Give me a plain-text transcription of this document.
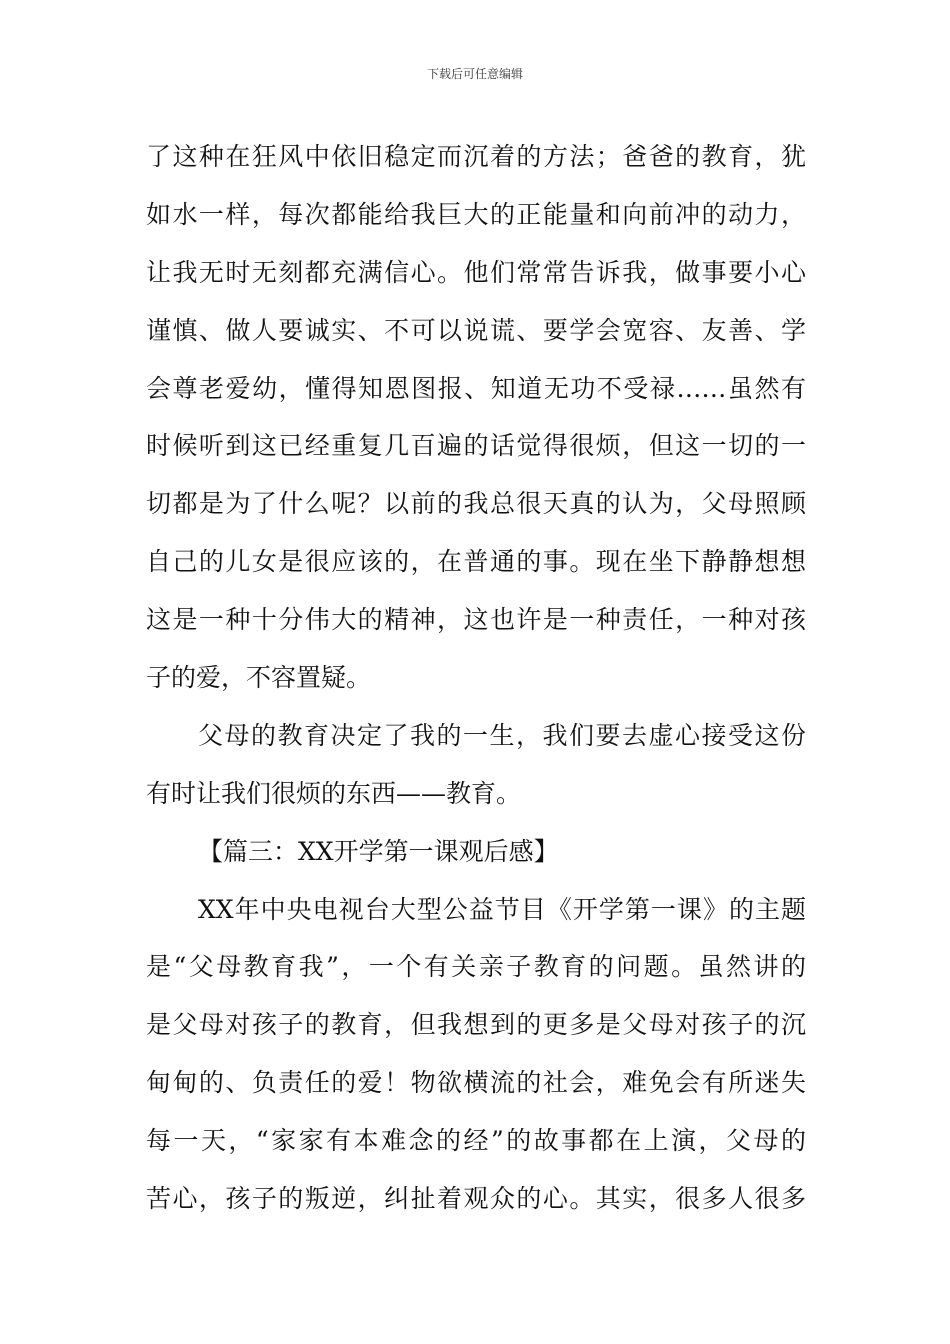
下载后可任意编辑
了这种在狂风中依旧稳定而沉着的方法；爸爸的教育，犹
如水一样，每次都能给我巨大的正能量和向前冲的动力，
让我无时无刻都充满信心。他们常常告诉我，做事要小心
谨慎、做人要诚实、不可以说谎、要学会宽容、友善、学
会尊老爱幼，懂得知恩图报、知道无功不受禄……虽然有
时候听到这已经重复几百遍的话觉得很烦，但这一切的一
切都是为了什么呢？以前的我总很天真的认为，父母照顾
自己的儿女是很应该的，在普通的事。现在坐下静静想想
这是一种十分伟大的精神，这也许是一种责任，一种对孩
子的爱，不容置疑。
父母的教育决定了我的一生，我们要去虚心接受这份
有时让我们很烦的东西——教育。
【篇三：XX开学第一课观后感】
XX年中央电视台大型公益节目《开学第一课》的主题
是“父母教育我”，一个有关亲子教育的问题。虽然讲的
是父母对孩子的教育，但我想到的更多是父母对孩子的沉
甸甸的、负责任的爱！物欲横流的社会，难免会有所迷失
每一天，“家家有本难念的经”的故事都在上演，父母的
苦心，孩子的叛逆，纠扯着观众的心。其实，很多人很多
